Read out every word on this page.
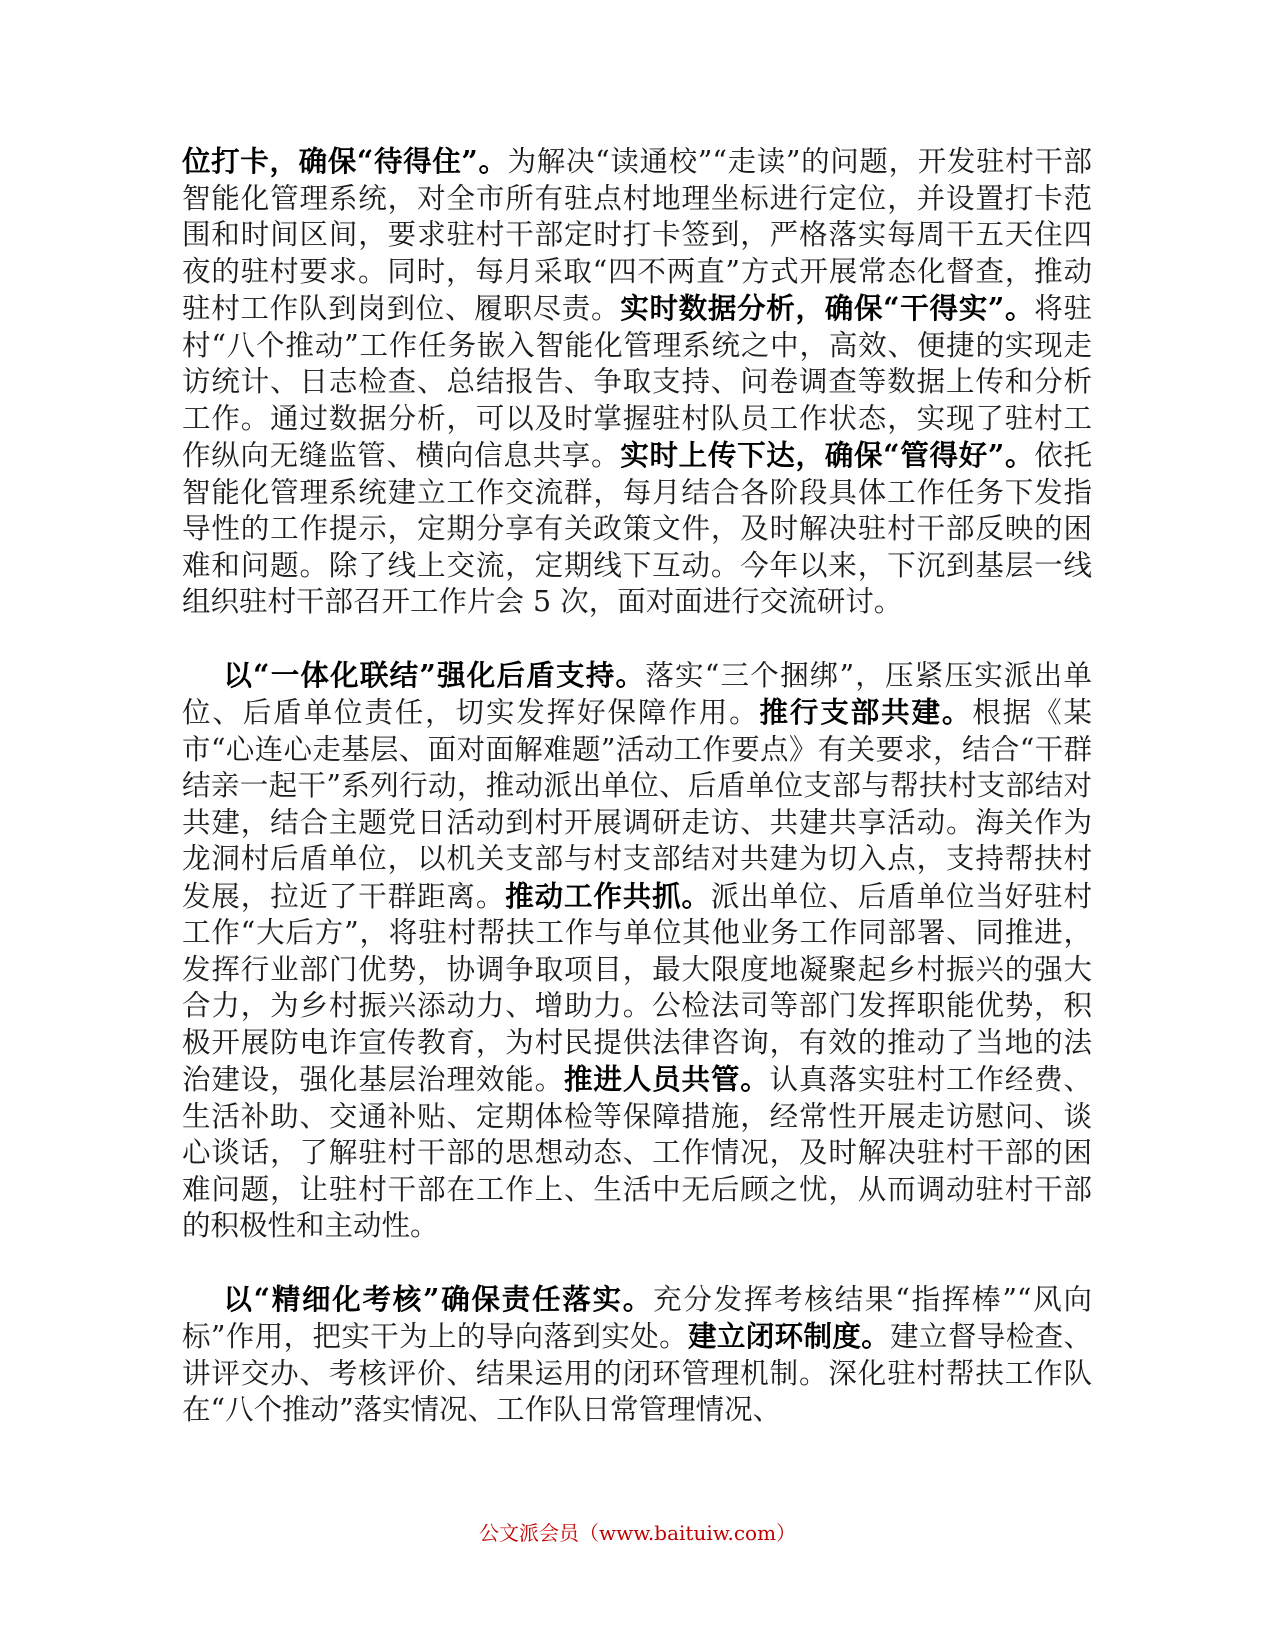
位打卡，确保“待得住”。为解决“读通校”“走读”的问题，开发驻村干部智能化管理系统，对全市所有驻点村地理坐标进行定位，并设置打卡范围和时间区间，要求驻村干部定时打卡签到，严格落实每周干五天住四夜的驻村要求。同时，每月采取“四不两直”方式开展常态化督查，推动驻村工作队到岗到位、履职尽责。实时数据分析，确保“干得实”。将驻村“八个推动”工作任务嵌入智能化管理系统之中，高效、便捷的实现走访统计、日志检查、总结报告、争取支持、问卷调查等数据上传和分析工作。通过数据分析，可以及时掌握驻村队员工作状态，实现了驻村工作纵向无缝监管、横向信息共享。实时上传下达，确保“管得好”。依托智能化管理系统建立工作交流群，每月结合各阶段具体工作任务下发指导性的工作提示，定期分享有关政策文件，及时解决驻村干部反映的困难和问题。除了线上交流，定期线下互动。今年以来，下沉到基层一线组织驻村干部召开工作片会 5 次，面对面进行交流研讨。

以“一体化联结”强化后盾支持。落实“三个捆绑”，压紧压实派出单位、后盾单位责任，切实发挥好保障作用。推行支部共建。根据《某市“心连心走基层、面对面解难题”活动工作要点》有关要求，结合“干群结亲一起干”系列行动，推动派出单位、后盾单位支部与帮扶村支部结对共建，结合主题党日活动到村开展调研走访、共建共享活动。海关作为龙洞村后盾单位，以机关支部与村支部结对共建为切入点，支持帮扶村发展，拉近了干群距离。推动工作共抓。派出单位、后盾单位当好驻村工作“大后方”，将驻村帮扶工作与单位其他业务工作同部署、同推进，发挥行业部门优势，协调争取项目，最大限度地凝聚起乡村振兴的强大合力，为乡村振兴添动力、增助力。公检法司等部门发挥职能优势，积极开展防电诈宣传教育，为村民提供法律咨询，有效的推动了当地的法治建设，强化基层治理效能。推进人员共管。认真落实驻村工作经费、生活补助、交通补贴、定期体检等保障措施，经常性开展走访慰问、谈心谈话，了解驻村干部的思想动态、工作情况，及时解决驻村干部的困难问题，让驻村干部在工作上、生活中无后顾之忧，从而调动驻村干部的积极性和主动性。

以“精细化考核”确保责任落实。充分发挥考核结果“指挥棒”“风向标”作用，把实干为上的导向落到实处。建立闭环制度。建立督导检查、讲评交办、考核评价、结果运用的闭环管理机制。深化驻村帮扶工作队在“八个推动”落实情况、工作队日常管理情况、

公文派会员（www.baituiw.com）
